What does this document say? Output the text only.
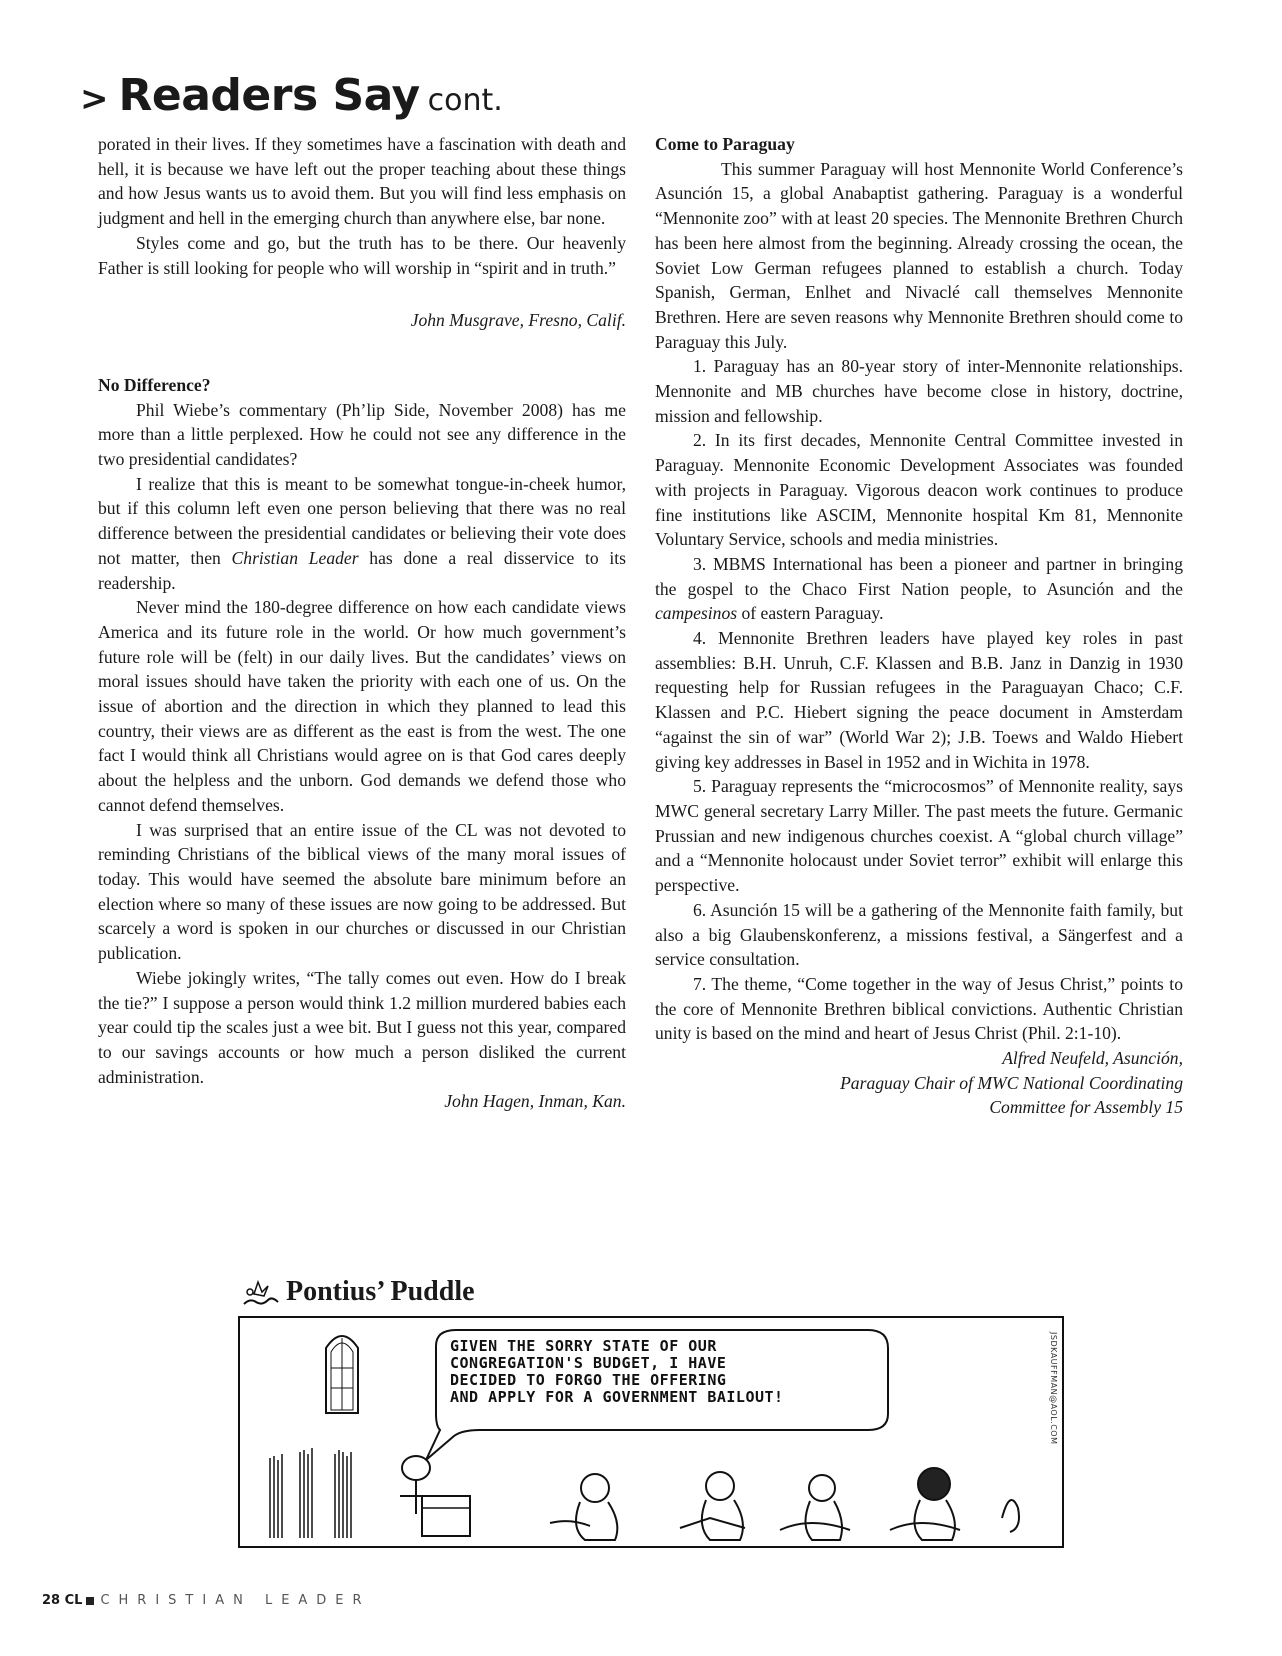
> Readers Say cont.

porated in their lives. If they sometimes have a fascination with death and hell, it is because we have left out the proper teaching about these things and how Jesus wants us to avoid them. But you will find less emphasis on judgment and hell in the emerging church than anywhere else, bar none.

Styles come and go, but the truth has to be there. Our heavenly Father is still looking for people who will worship in “spirit and in truth.”

John Musgrave, Fresno, Calif.

No Difference?

Phil Wiebe’s commentary (Ph’lip Side, November 2008) has me more than a little perplexed. How he could not see any difference in the two presidential candidates?

I realize that this is meant to be somewhat tongue-in-cheek humor, but if this column left even one person believing that there was no real difference between the presidential candidates or believing their vote does not matter, then Christian Leader has done a real disservice to its readership.

Never mind the 180-degree difference on how each candidate views America and its future role in the world. Or how much government’s future role will be (felt) in our daily lives. But the candidates’ views on moral issues should have taken the priority with each one of us. On the issue of abortion and the direction in which they planned to lead this country, their views are as different as the east is from the west. The one fact I would think all Christians would agree on is that God cares deeply about the helpless and the unborn. God demands we defend those who cannot defend themselves.

I was surprised that an entire issue of the CL was not devoted to reminding Christians of the biblical views of the many moral issues of today. This would have seemed the absolute bare minimum before an election where so many of these issues are now going to be addressed. But scarcely a word is spoken in our churches or discussed in our Christian publication.

Wiebe jokingly writes, “The tally comes out even. How do I break the tie?” I suppose a person would think 1.2 million murdered babies each year could tip the scales just a wee bit. But I guess not this year, compared to our savings accounts or how much a person disliked the current administration.

John Hagen, Inman, Kan.

Come to Paraguay

This summer Paraguay will host Mennonite World Conference’s Asunción 15, a global Anabaptist gathering. Paraguay is a wonderful “Mennonite zoo” with at least 20 species. The Mennonite Brethren Church has been here almost from the beginning. Already crossing the ocean, the Soviet Low German refugees planned to establish a church. Today Spanish, German, Enlhet and Nivaclé call themselves Mennonite Brethren. Here are seven reasons why Mennonite Brethren should come to Paraguay this July.

1. Paraguay has an 80-year story of inter-Mennonite relationships. Mennonite and MB churches have become close in history, doctrine, mission and fellowship.

2. In its first decades, Mennonite Central Committee invested in Paraguay. Mennonite Economic Development Associates was founded with projects in Paraguay. Vigorous deacon work continues to produce fine institutions like ASCIM, Mennonite hospital Km 81, Mennonite Voluntary Service, schools and media ministries.

3. MBMS International has been a pioneer and partner in bringing the gospel to the Chaco First Nation people, to Asunción and the campesinos of eastern Paraguay.

4. Mennonite Brethren leaders have played key roles in past assemblies: B.H. Unruh, C.F. Klassen and B.B. Janz in Danzig in 1930 requesting help for Russian refugees in the Paraguayan Chaco; C.F. Klassen and P.C. Hiebert signing the peace document in Amsterdam “against the sin of war” (World War 2); J.B. Toews and Waldo Hiebert giving key addresses in Basel in 1952 and in Wichita in 1978.

5. Paraguay represents the “microcosmos” of Mennonite reality, says MWC general secretary Larry Miller. The past meets the future. Germanic Prussian and new indigenous churches coexist. A “global church village” and a “Mennonite holocaust under Soviet terror” exhibit will enlarge this perspective.

6. Asunción 15 will be a gathering of the Mennonite faith family, but also a big Glaubenskonferenz, a missions festival, a Sängerfest and a service consultation.

7. The theme, “Come together in the way of Jesus Christ,” points to the core of Mennonite Brethren biblical convictions. Authentic Christian unity is based on the mind and heart of Jesus Christ (Phil. 2:1-10).

Alfred Neufeld, Asunción,

Paraguay Chair of MWC National Coordinating

Committee for Assembly 15

Pontius’ Puddle
GIVEN THE SORRY STATE OF OUR
CONGREGATION'S BUDGET, I HAVE
DECIDED TO FORGO THE OFFERING
AND APPLY FOR A GOVERNMENT BAILOUT!	JSDKAUFFMAN@AOL.COM
28 CL CHRISTIAN LEADER
